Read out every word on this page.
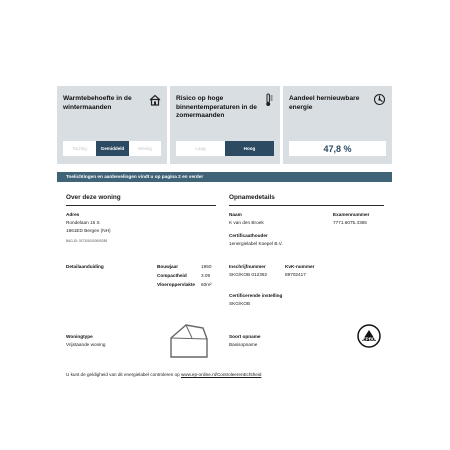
Warmtebehoefte in de wintermaanden
Tachtig	Gemiddeld	Weinig
Risico op hoge binnentemperaturen in de zomermaanden
Laag	Hoog
Aandeel hernieuwbare energie
47,8 %
Toelichtingen en aanbevelingen vindt u op pagina 2 en verder
Over deze woning
Adres
Rondelaan 16 S
1861ED Bergen (NH)
BAG-ID: 0373010000009289
Detailaanduiding	Bouwjaar	1950
Compactheid	3.09
Vloeroppervlakte 60m²
Woningtype
Vrijstaande woning
Opnamedetails
Naam
K van den Broek
Examennummer
7771.6075.3365
Certificaathouder
1energielabel Koepel B.V.
Inschrijfnummer
SKG/KOB 012382
KvK-nummer
89702417
Certificerende instelling
SKG/KOB
Soort opname
Basisopname
EPBD
U kunt de geldigheid van dit energielabel controleren op www.ep-online.nl/ControleerenEchtheid
